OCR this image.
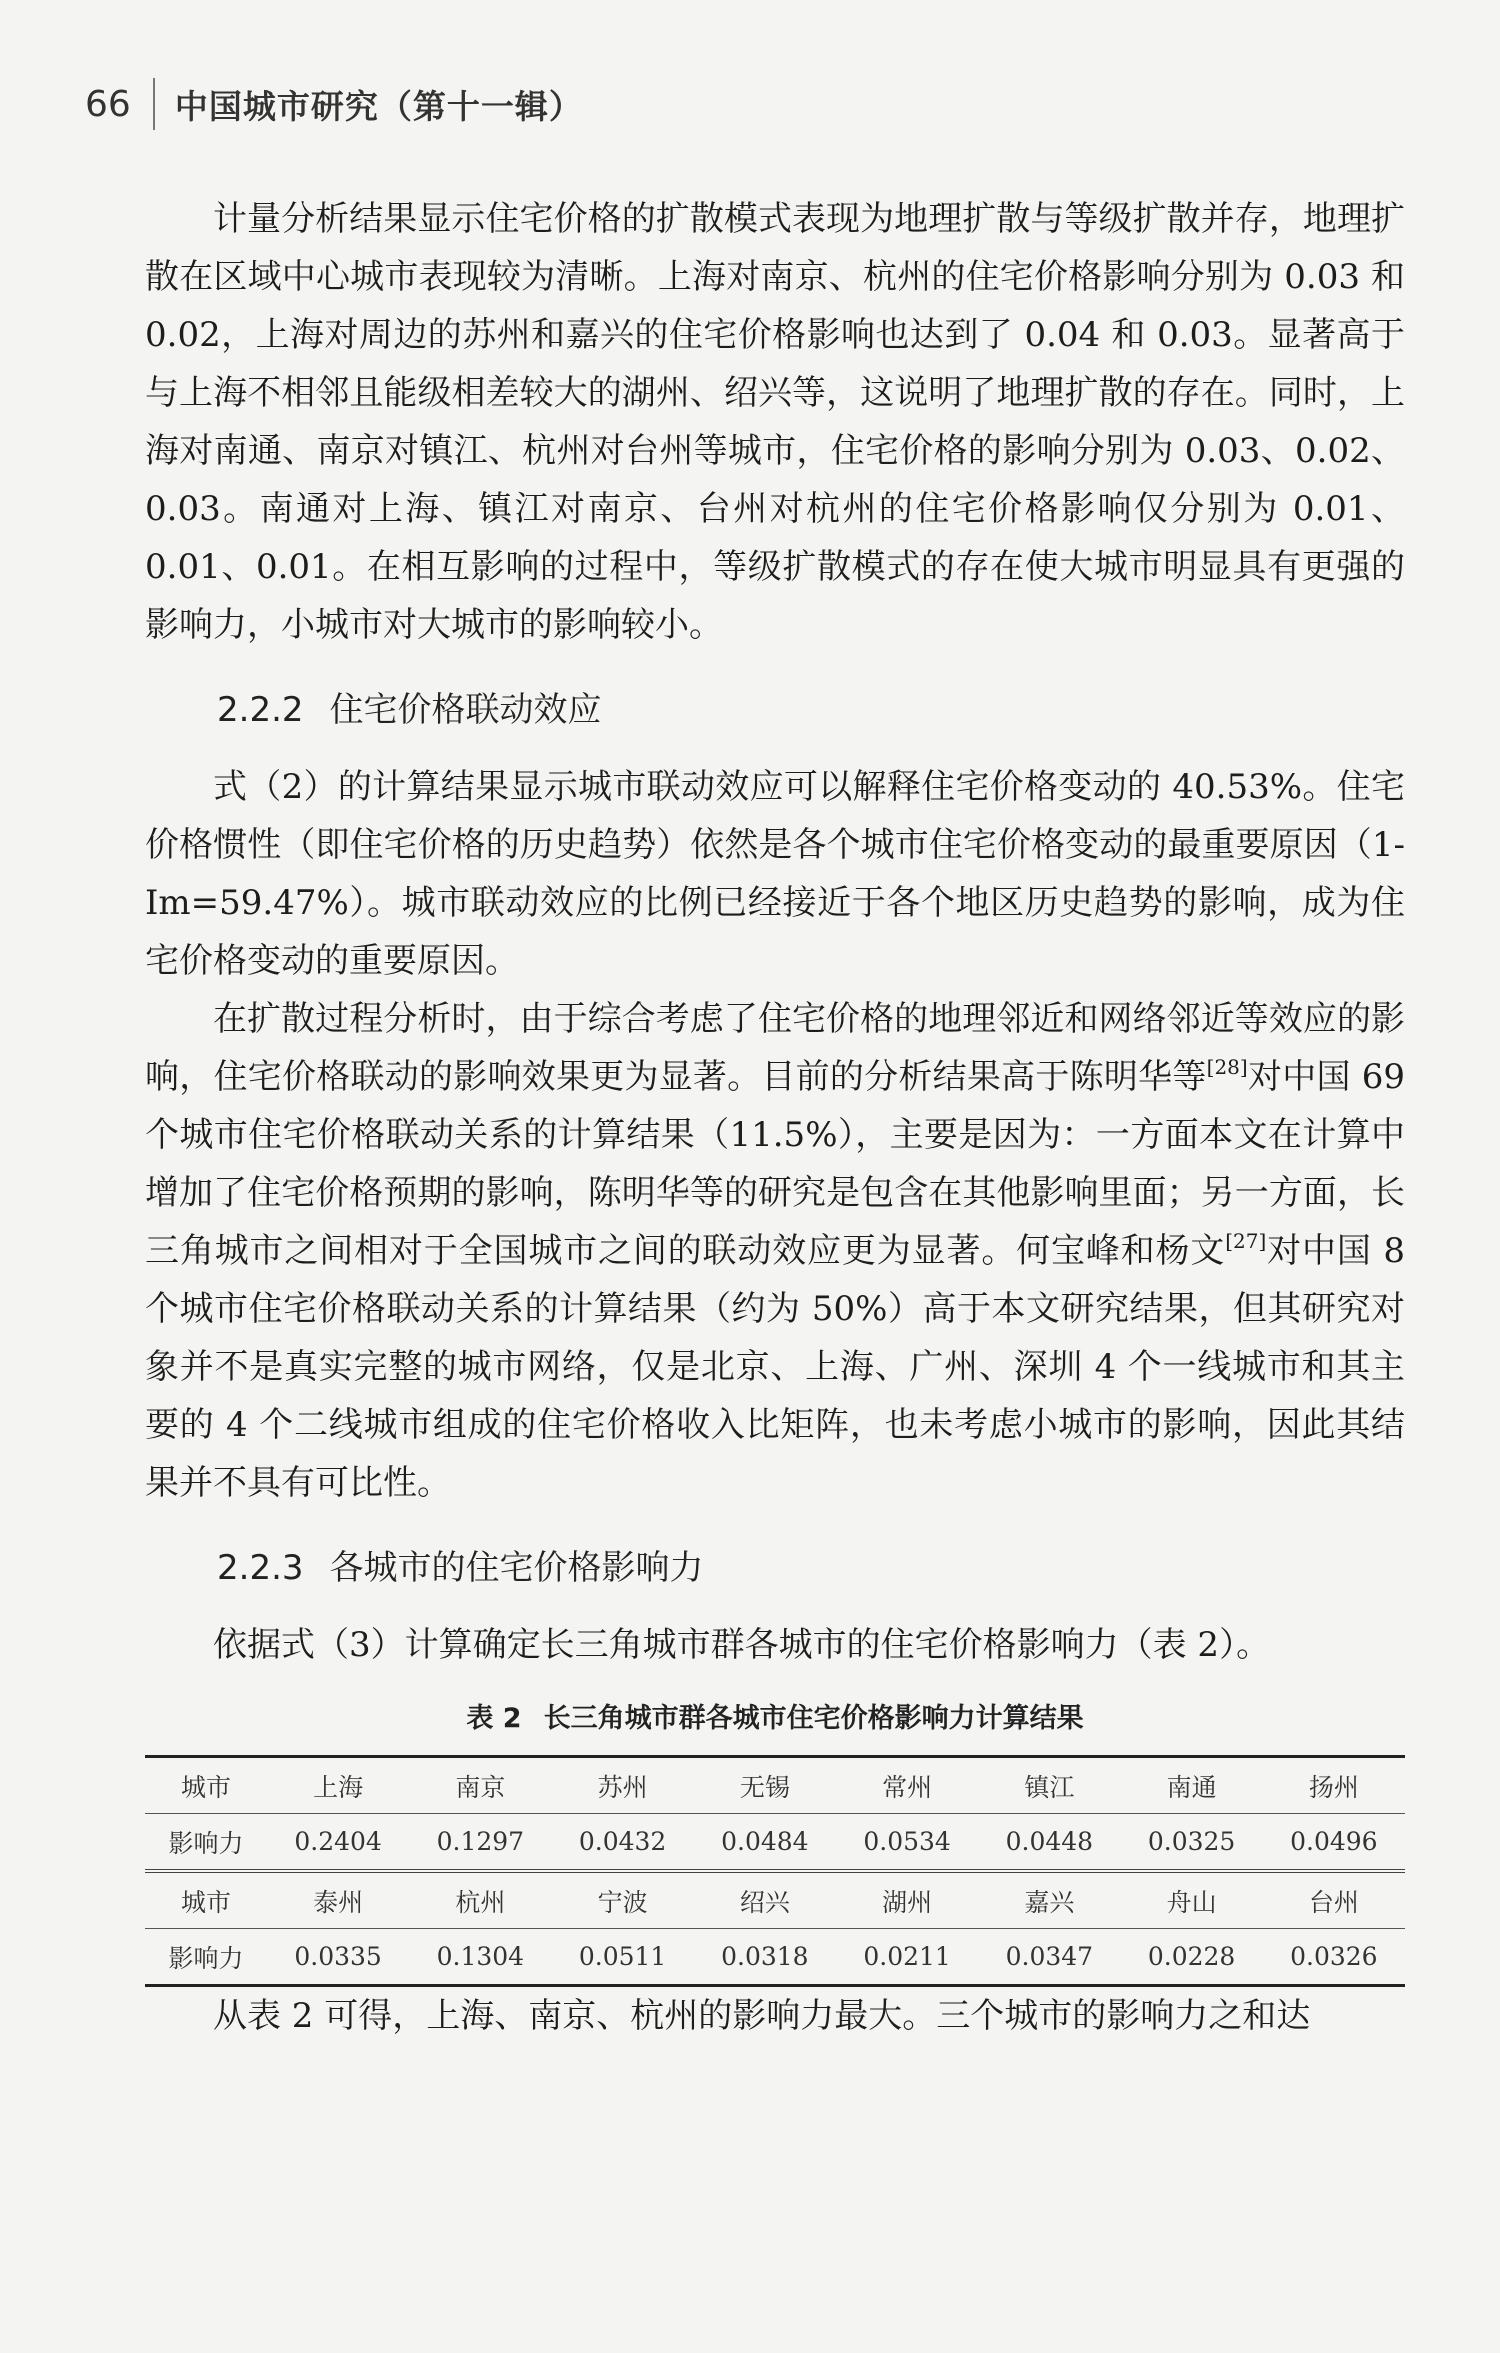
66 中国城市研究（第十一辑）

计量分析结果显示住宅价格的扩散模式表现为地理扩散与等级扩散并存，地理扩散在区域中心城市表现较为清晰。上海对南京、杭州的住宅价格影响分别为 0.03 和 0.02，上海对周边的苏州和嘉兴的住宅价格影响也达到了 0.04 和 0.03。显著高于与上海不相邻且能级相差较大的湖州、绍兴等，这说明了地理扩散的存在。同时，上海对南通、南京对镇江、杭州对台州等城市，住宅价格的影响分别为 0.03、0.02、0.03。南通对上海、镇江对南京、台州对杭州的住宅价格影响仅分别为 0.01、0.01、0.01。在相互影响的过程中，等级扩散模式的存在使大城市明显具有更强的影响力，小城市对大城市的影响较小。

2.2.2 住宅价格联动效应

式（2）的计算结果显示城市联动效应可以解释住宅价格变动的 40.53%。住宅价格惯性（即住宅价格的历史趋势）依然是各个城市住宅价格变动的最重要原因（1-Im=59.47%）。城市联动效应的比例已经接近于各个地区历史趋势的影响，成为住宅价格变动的重要原因。

在扩散过程分析时，由于综合考虑了住宅价格的地理邻近和网络邻近等效应的影响，住宅价格联动的影响效果更为显著。目前的分析结果高于陈明华等[28]对中国 69 个城市住宅价格联动关系的计算结果（11.5%），主要是因为：一方面本文在计算中增加了住宅价格预期的影响，陈明华等的研究是包含在其他影响里面；另一方面，长三角城市之间相对于全国城市之间的联动效应更为显著。何宝峰和杨文[27]对中国 8 个城市住宅价格联动关系的计算结果（约为 50%）高于本文研究结果，但其研究对象并不是真实完整的城市网络，仅是北京、上海、广州、深圳 4 个一线城市和其主要的 4 个二线城市组成的住宅价格收入比矩阵，也未考虑小城市的影响，因此其结果并不具有可比性。

2.2.3 各城市的住宅价格影响力

依据式（3）计算确定长三角城市群各城市的住宅价格影响力（表 2）。

表 2 长三角城市群各城市住宅价格影响力计算结果
城市	上海	南京	苏州	无锡	常州	镇江	南通	扬州
影响力	0.2404	0.1297	0.0432	0.0484	0.0534	0.0448	0.0325	0.0496
城市	泰州	杭州	宁波	绍兴	湖州	嘉兴	舟山	台州
影响力	0.0335	0.1304	0.0511	0.0318	0.0211	0.0347	0.0228	0.0326

从表 2 可得，上海、南京、杭州的影响力最大。三个城市的影响力之和达
